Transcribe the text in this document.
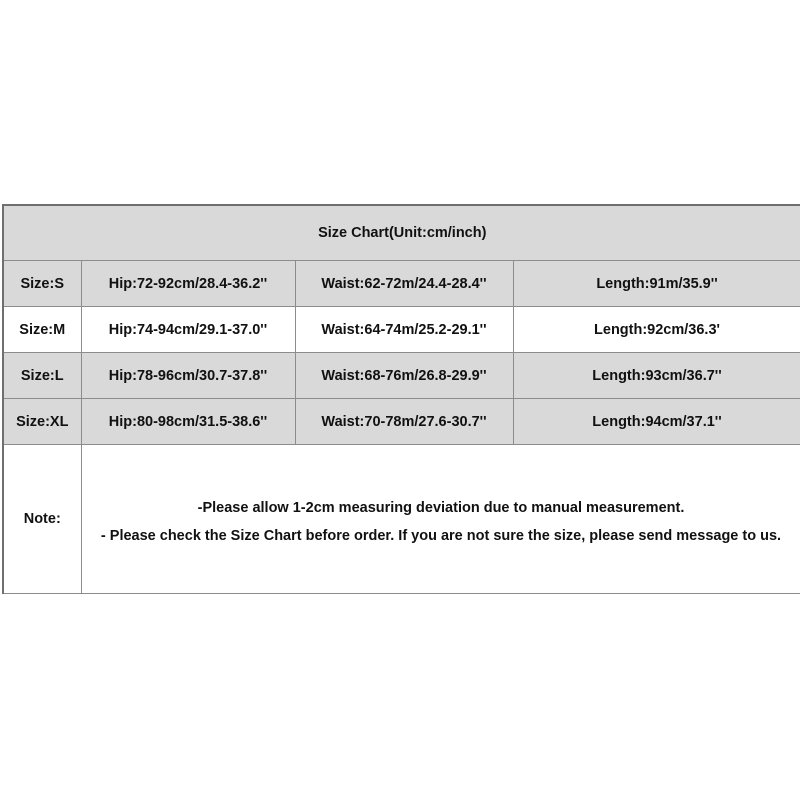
Size Chart(Unit:cm/inch)			
Size:S	Hip:72-92cm/28.4-36.2''	Waist:62-72m/24.4-28.4''	Length:91m/35.9''
Size:M	Hip:74-94cm/29.1-37.0''	Waist:64-74m/25.2-29.1''	Length:92cm/36.3'
Size:L	Hip:78-96cm/30.7-37.8''	Waist:68-76m/26.8-29.9''	Length:93cm/36.7''
Size:XL	Hip:80-98cm/31.5-38.6''	Waist:70-78m/27.6-30.7''	Length:94cm/37.1''
Note:	-Please allow 1-2cm measuring deviation due to manual measurement.
- Please check the Size Chart before order. If you are not sure the size, please send message to us.		
